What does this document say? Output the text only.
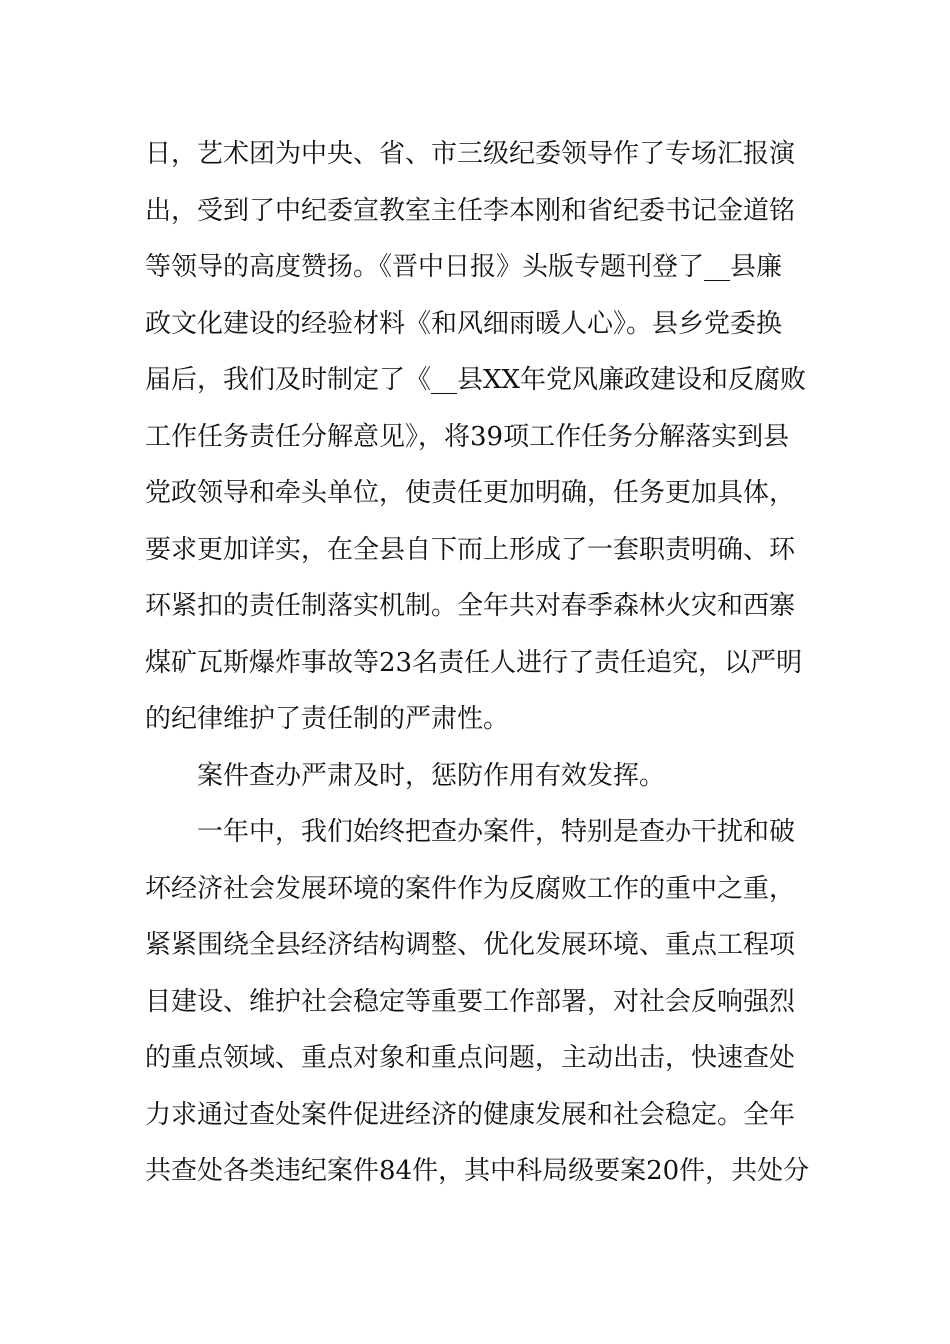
日，艺术团为中央、省、市三级纪委领导作了专场汇报演
出，受到了中纪委宣教室主任李本刚和省纪委书记金道铭
等领导的高度赞扬。《晋中日报》头版专题刊登了__县廉
政文化建设的经验材料《和风细雨暖人心》。县乡党委换
届后，我们及时制定了《__县XX年党风廉政建设和反腐败
工作任务责任分解意见》，将39项工作任务分解落实到县
党政领导和牵头单位，使责任更加明确，任务更加具体，
要求更加详实，在全县自下而上形成了一套职责明确、环
环紧扣的责任制落实机制。全年共对春季森林火灾和西寨
煤矿瓦斯爆炸事故等23名责任人进行了责任追究，以严明
的纪律维护了责任制的严肃性。
案件查办严肃及时，惩防作用有效发挥。
一年中，我们始终把查办案件，特别是查办干扰和破
坏经济社会发展环境的案件作为反腐败工作的重中之重，
紧紧围绕全县经济结构调整、优化发展环境、重点工程项
目建设、维护社会稳定等重要工作部署，对社会反响强烈
的重点领域、重点对象和重点问题，主动出击，快速查处
力求通过查处案件促进经济的健康发展和社会稳定。全年
共查处各类违纪案件84件，其中科局级要案20件，共处分
